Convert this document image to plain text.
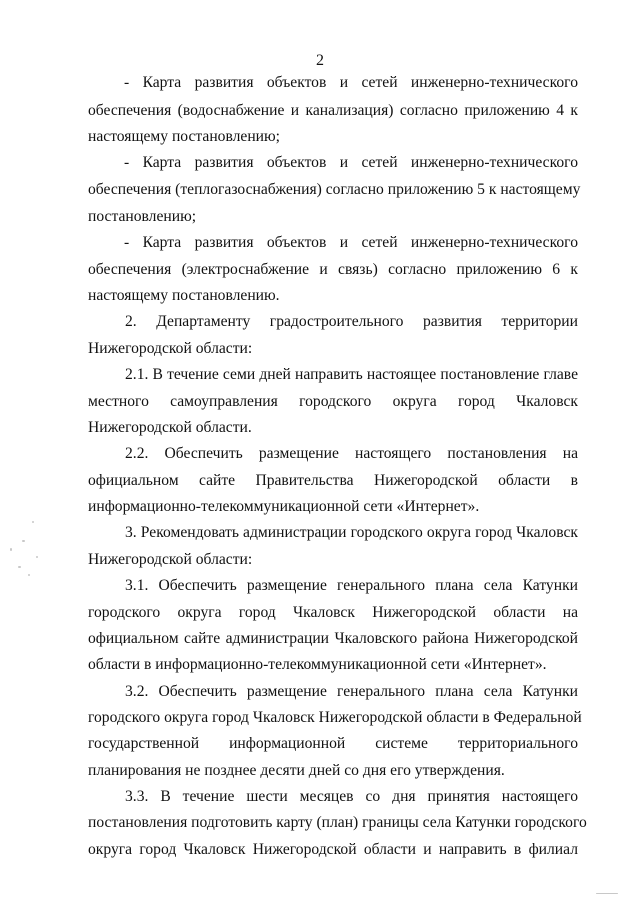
2
- Карта развития объектов и сетей инженерно-технического
обеспечения (водоснабжение и канализация) согласно приложению 4 к
настоящему постановлению;
- Карта развития объектов и сетей инженерно-технического
обеспечения (теплогазоснабжения) согласно приложению 5 к настоящему
постановлению;
- Карта развития объектов и сетей инженерно-технического
обеспечения (электроснабжение и связь) согласно приложению 6 к
настоящему постановлению.
2. Департаменту градостроительного развития территории
Нижегородской области:
2.1. В течение семи дней направить настоящее постановление главе
местного самоуправления городского округа город Чкаловск
Нижегородской области.
2.2. Обеспечить размещение настоящего постановления на
официальном сайте Правительства Нижегородской области в
информационно-телекоммуникационной сети «Интернет».
3. Рекомендовать администрации городского округа город Чкаловск
Нижегородской области:
3.1. Обеспечить размещение генерального плана села Катунки
городского округа город Чкаловск Нижегородской области на
официальном сайте администрации Чкаловского района Нижегородской
области в информационно-телекоммуникационной сети «Интернет».
3.2. Обеспечить размещение генерального плана села Катунки
городского округа город Чкаловск Нижегородской области в Федеральной
государственной информационной системе территориального
планирования не позднее десяти дней со дня его утверждения.
3.3. В течение шести месяцев со дня принятия настоящего
постановления подготовить карту (план) границы села Катунки городского
округа город Чкаловск Нижегородской области и направить в филиал
